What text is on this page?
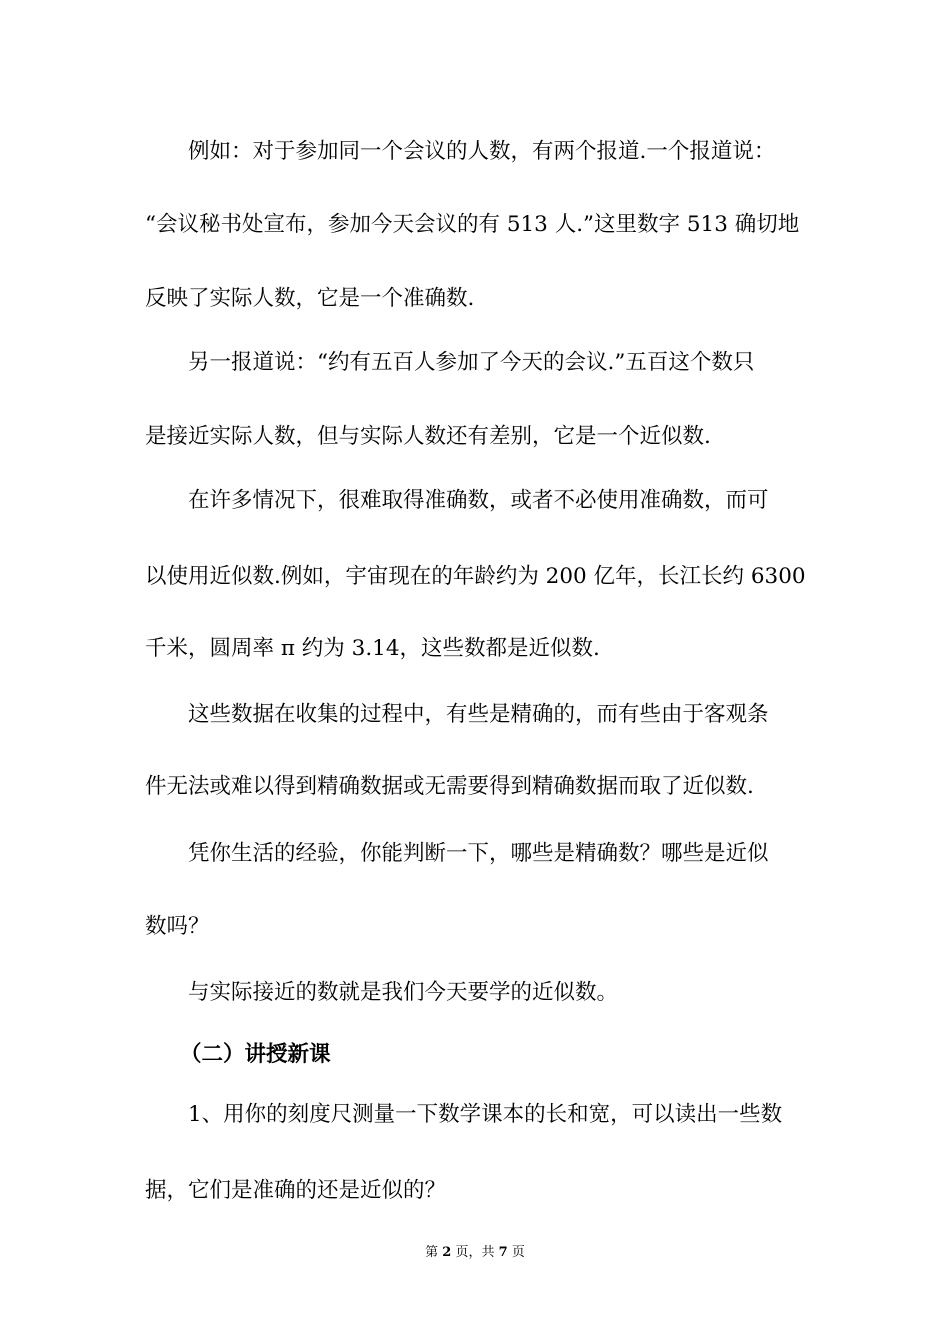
例如：对于参加同一个会议的人数，有两个报道.一个报道说：
“会议秘书处宣布，参加今天会议的有 513 人.”这里数字 513 确切地
反映了实际人数，它是一个准确数.
另一报道说：“约有五百人参加了今天的会议.”五百这个数只
是接近实际人数，但与实际人数还有差别，它是一个近似数.
在许多情况下，很难取得准确数，或者不必使用准确数，而可
以使用近似数.例如，宇宙现在的年龄约为 200 亿年，长江长约 6300
千米，圆周率 π 约为 3.14，这些数都是近似数.
这些数据在收集的过程中，有些是精确的，而有些由于客观条
件无法或难以得到精确数据或无需要得到精确数据而取了近似数.
凭你生活的经验，你能判断一下，哪些是精确数？哪些是近似
数吗？
与实际接近的数就是我们今天要学的近似数。
（二）讲授新课
1、用你的刻度尺测量一下数学课本的长和宽，可以读出一些数
据，它们是准确的还是近似的？
第 2 页，共 7 页
